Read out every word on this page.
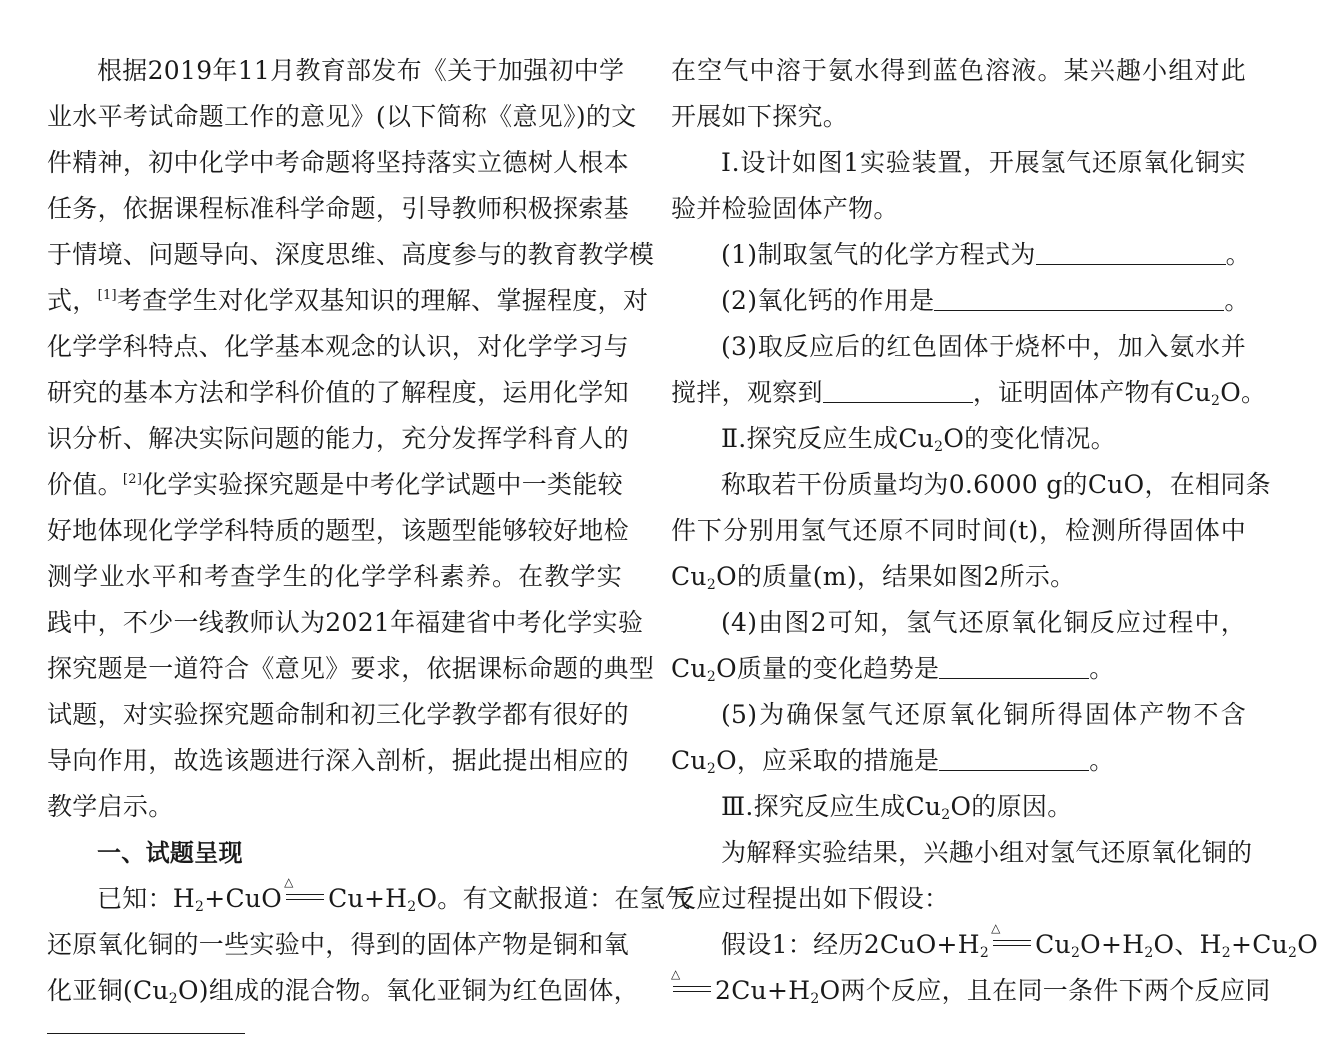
根据2019年11月教育部发布《关于加强初中学
业水平考试命题工作的意见》(以下简称《意见》)的文
件精神，初中化学中考命题将坚持落实立德树人根本
任务，依据课程标准科学命题，引导教师积极探索基
于情境、问题导向、深度思维、高度参与的教育教学模
式，[1]考查学生对化学双基知识的理解、掌握程度，对
化学学科特点、化学基本观念的认识，对化学学习与
研究的基本方法和学科价值的了解程度，运用化学知
识分析、解决实际问题的能力，充分发挥学科育人的
价值。[2]化学实验探究题是中考化学试题中一类能较
好地体现化学学科特质的题型，该题型能够较好地检
测学业水平和考查学生的化学学科素养。在教学实
践中，不少一线教师认为2021年福建省中考化学实验
探究题是一道符合《意见》要求，依据课标命题的典型
试题，对实验探究题命制和初三化学教学都有很好的
导向作用，故选该题进行深入剖析，据此提出相应的
教学启示。
一、试题呈现
已知：$H_2+CuO$
△
$Cu+H_2O$。有文献报道：在氢气
还原氧化铜的一些实验中，得到的固体产物是铜和氧
化亚铜$(Cu_2O)$组成的混合物。氧化亚铜为红色固体，
在空气中溶于氨水得到蓝色溶液。某兴趣小组对此
开展如下探究。
Ⅰ.设计如图1实验装置，开展氢气还原氧化铜实
验并检验固体产物。
(1)制取氢气的化学方程式为	。
(2)氧化钙的作用是	。
(3)取反应后的红色固体于烧杯中，加入氨水并
搅拌，观察到	，证明固体产物有$Cu_2O$。
Ⅱ.探究反应生成$Cu_2O$的变化情况。
称取若干份质量均为0.6000 g的CuO，在相同条
件下分别用氢气还原不同时间(t)，检测所得固体中
$Cu_2O$的质量(m)，结果如图2所示。
(4)由图2可知，氢气还原氧化铜反应过程中，
$Cu_2O$质量的变化趋势是	。
(5)为确保氢气还原氧化铜所得固体产物不含
$Cu_2O$，应采取的措施是	。
Ⅲ.探究反应生成$Cu_2O$的原因。
为解释实验结果，兴趣小组对氢气还原氧化铜的
反应过程提出如下假设：
假设1：经历$2CuO+H_2$
△
$Cu_2O+H_2O$、$H_2+Cu_2O$
△
$2Cu+H_2O$两个反应，且在同一条件下两个反应同
